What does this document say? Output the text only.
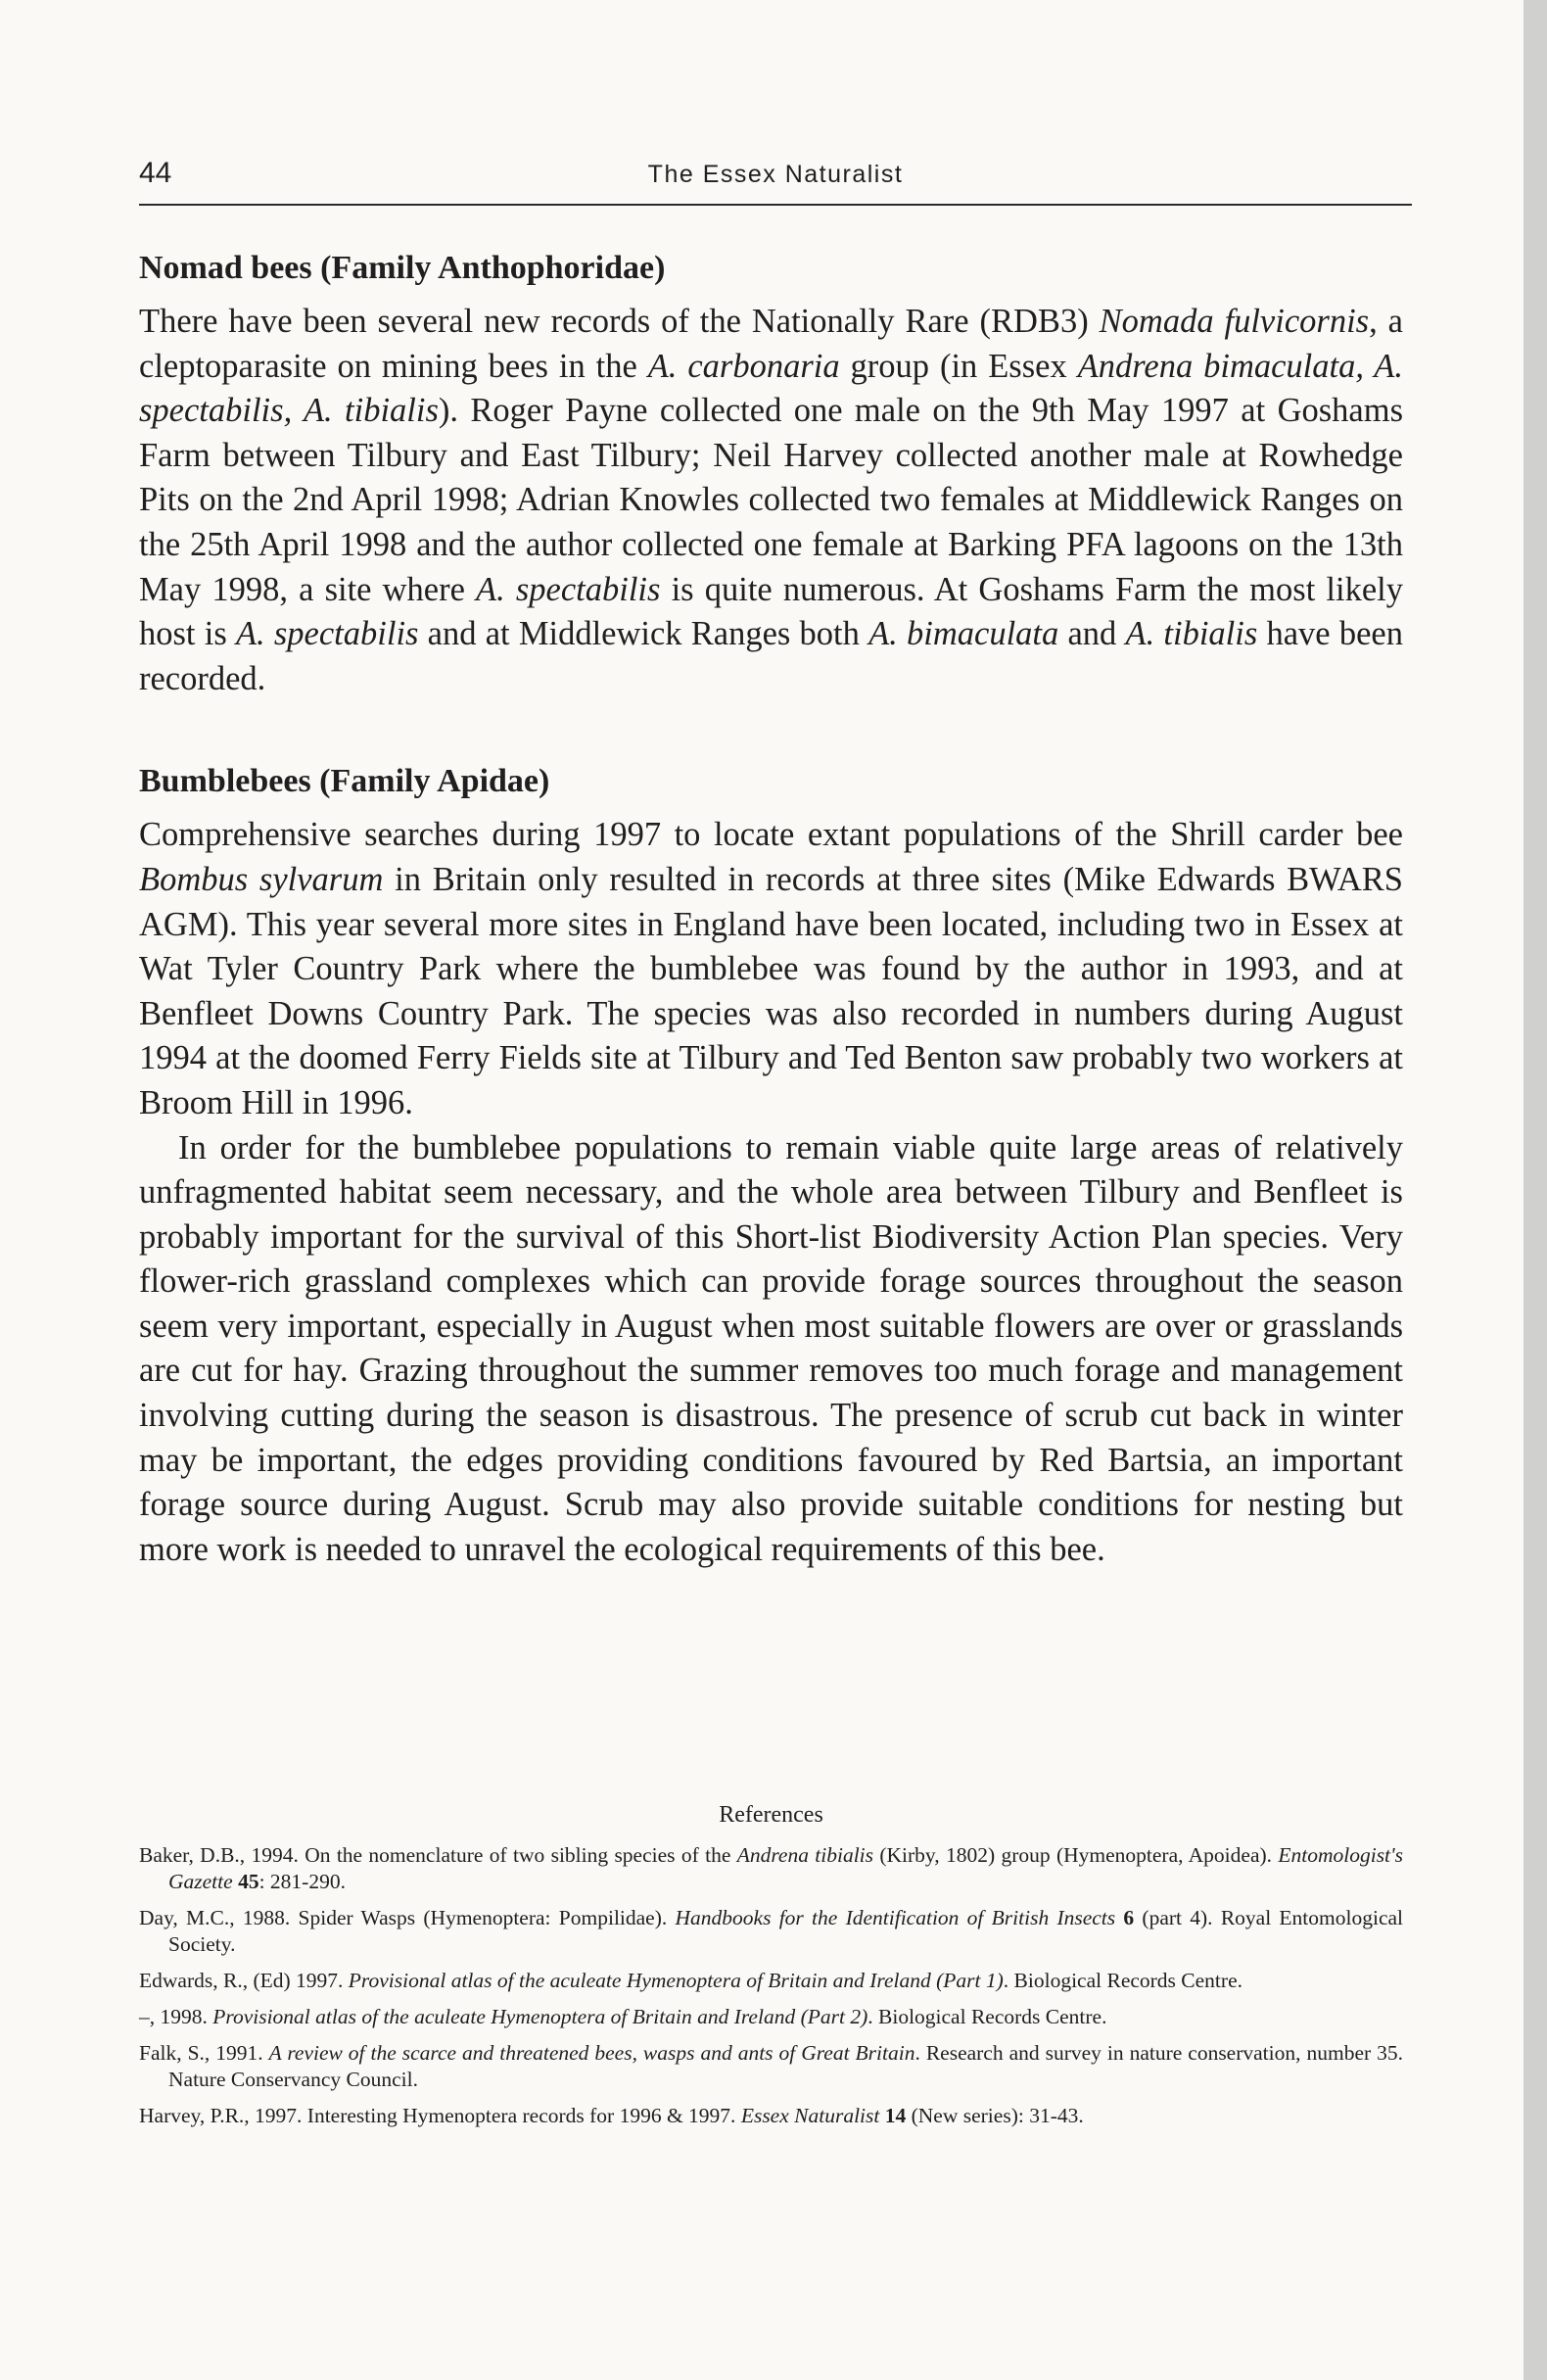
44	The Essex Naturalist
Nomad bees (Family Anthophoridae)

There have been several new records of the Nationally Rare (RDB3) Nomada fulvicornis, a cleptoparasite on mining bees in the A. carbonaria group (in Essex Andrena bimaculata, A. spectabilis, A. tibialis). Roger Payne collected one male on the 9th May 1997 at Goshams Farm between Tilbury and East Tilbury; Neil Harvey collected another male at Rowhedge Pits on the 2nd April 1998; Adrian Knowles collected two females at Middlewick Ranges on the 25th April 1998 and the author collected one female at Barking PFA lagoons on the 13th May 1998, a site where A. spectabilis is quite numerous. At Goshams Farm the most likely host is A. spectabilis and at Middlewick Ranges both A. bimaculata and A. tibialis have been recorded.

Bumblebees (Family Apidae)

Comprehensive searches during 1997 to locate extant populations of the Shrill carder bee Bombus sylvarum in Britain only resulted in records at three sites (Mike Edwards BWARS AGM). This year several more sites in England have been located, including two in Essex at Wat Tyler Country Park where the bumblebee was found by the author in 1993, and at Benfleet Downs Country Park. The species was also recorded in numbers during August 1994 at the doomed Ferry Fields site at Tilbury and Ted Benton saw probably two workers at Broom Hill in 1996.

In order for the bumblebee populations to remain viable quite large areas of relatively unfragmented habitat seem necessary, and the whole area between Tilbury and Benfleet is probably important for the survival of this Short-list Biodiversity Action Plan species. Very flower-rich grassland complexes which can provide forage sources throughout the season seem very important, especially in August when most suitable flowers are over or grasslands are cut for hay. Grazing throughout the summer removes too much forage and management involving cutting during the season is disastrous. The presence of scrub cut back in winter may be important, the edges providing conditions favoured by Red Bartsia, an important forage source during August. Scrub may also provide suitable conditions for nesting but more work is needed to unravel the ecological requirements of this bee.

References
Baker, D.B., 1994. On the nomenclature of two sibling species of the Andrena tibialis (Kirby, 1802) group (Hymenoptera, Apoidea). Entomologist's Gazette 45: 281-290.
Day, M.C., 1988. Spider Wasps (Hymenoptera: Pompilidae). Handbooks for the Identification of British Insects 6 (part 4). Royal Entomological Society.
Edwards, R., (Ed) 1997. Provisional atlas of the aculeate Hymenoptera of Britain and Ireland (Part 1). Biological Records Centre.
–, 1998. Provisional atlas of the aculeate Hymenoptera of Britain and Ireland (Part 2). Biological Records Centre.
Falk, S., 1991. A review of the scarce and threatened bees, wasps and ants of Great Britain. Research and survey in nature conservation, number 35. Nature Conservancy Council.
Harvey, P.R., 1997. Interesting Hymenoptera records for 1996 & 1997. Essex Naturalist 14 (New series): 31-43.
